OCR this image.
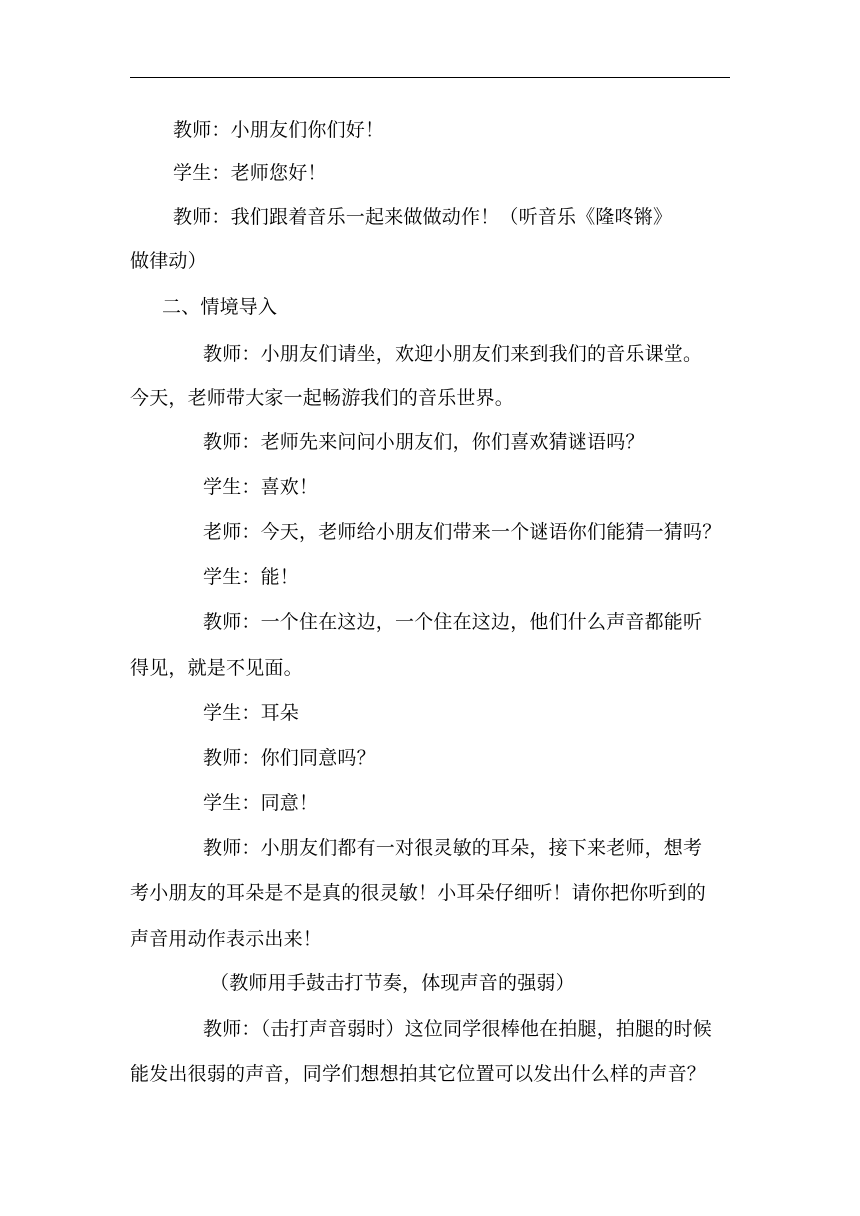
教师：小朋友们你们好！
学生：老师您好！
教师：我们跟着音乐一起来做做动作！（听音乐《隆咚锵》
做律动）
二、情境导入
教师：小朋友们请坐，欢迎小朋友们来到我们的音乐课堂。
今天，老师带大家一起畅游我们的音乐世界。
教师：老师先来问问小朋友们，你们喜欢猜谜语吗？
学生：喜欢！
老师：今天，老师给小朋友们带来一个谜语你们能猜一猜吗？
学生：能！
教师：一个住在这边，一个住在这边，他们什么声音都能听
得见，就是不见面。
学生：耳朵
教师：你们同意吗？
学生：同意！
教师：小朋友们都有一对很灵敏的耳朵，接下来老师，想考
考小朋友的耳朵是不是真的很灵敏！小耳朵仔细听！请你把你听到的
声音用动作表示出来！
（教师用手鼓击打节奏，体现声音的强弱）
教师：（击打声音弱时）这位同学很棒他在拍腿，拍腿的时候
能发出很弱的声音，同学们想想拍其它位置可以发出什么样的声音？
